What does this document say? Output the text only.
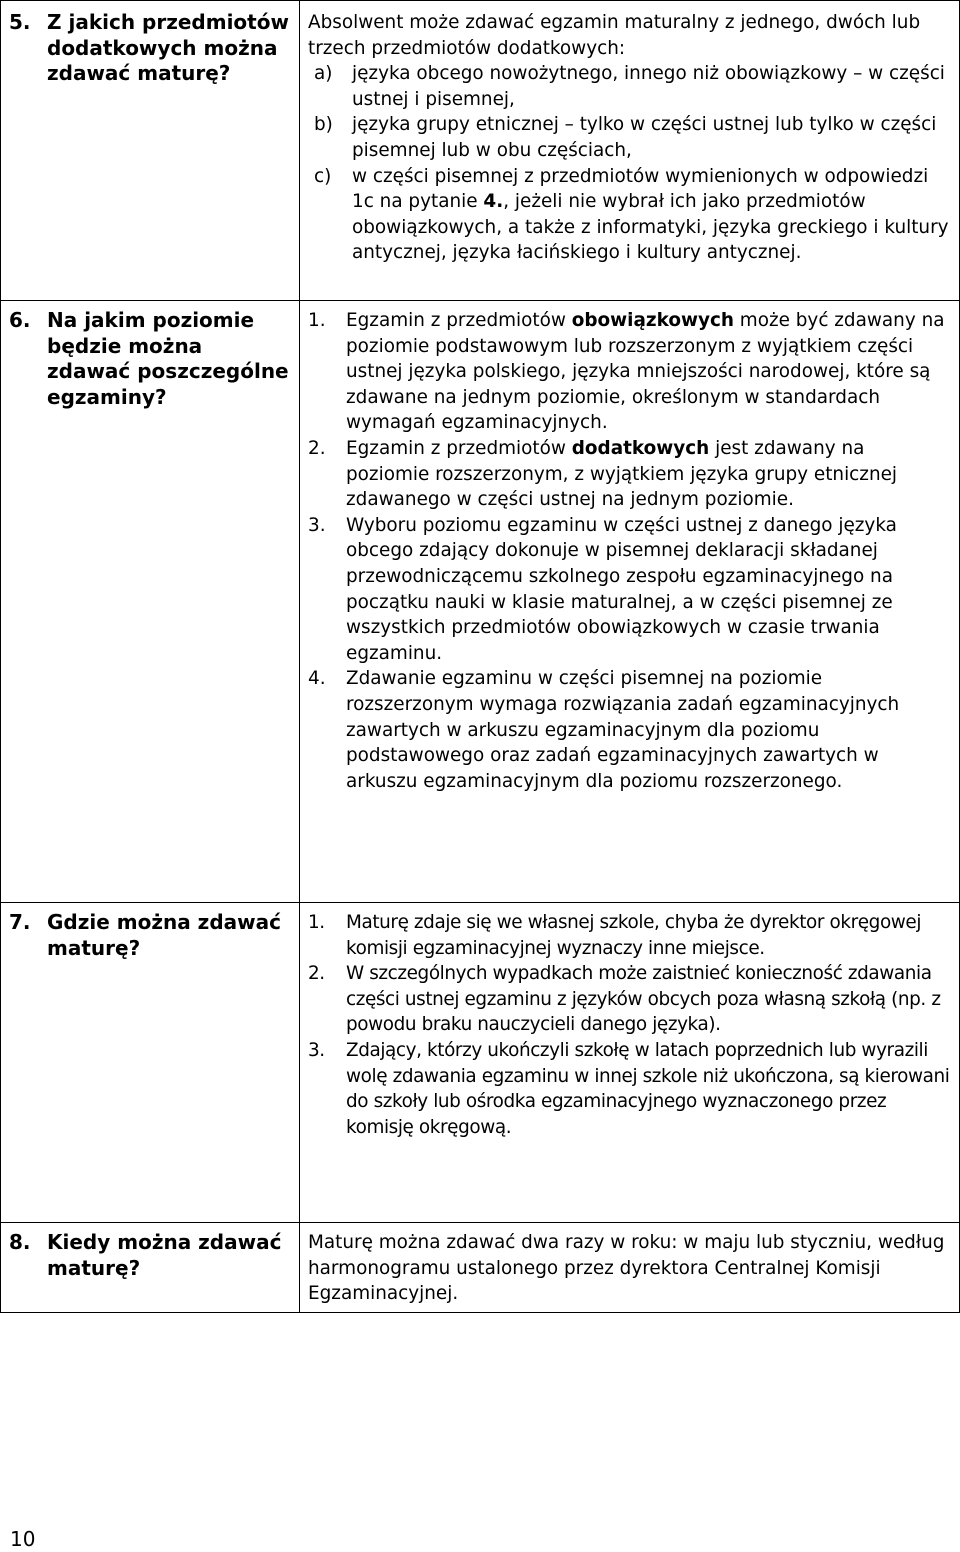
5. Z jakich przedmiotów dodatkowych można zdawać maturę?
Absolwent może zdawać egzamin maturalny z jednego, dwóch lub trzech przedmiotów dodatkowych:
a)	języka obcego nowożytnego, innego niż obowiązkowy – w części ustnej i pisemnej,
b)	języka grupy etnicznej – tylko w części ustnej lub tylko w części pisemnej lub w obu częściach,
c)	w części pisemnej z przedmiotów wymienionych w odpowiedzi 1c na pytanie 4., jeżeli nie wybrał ich jako przedmiotów obowiązkowych, a także z informatyki, języka greckiego i kultury antycznej, języka łacińskiego i kultury antycznej.
6. Na jakim poziomie będzie można zdawać poszczególne egzaminy?
1.	Egzamin z przedmiotów obowiązkowych może być zdawany na poziomie podstawowym lub rozszerzonym z wyjątkiem części ustnej języka polskiego, języka mniejszości narodowej, które są zdawane na jednym poziomie, określonym w standardach wymagań egzaminacyjnych.
2.	Egzamin z przedmiotów dodatkowych jest zdawany na poziomie rozszerzonym, z wyjątkiem języka grupy etnicznej zdawanego w części ustnej na jednym poziomie.
3.	Wyboru poziomu egzaminu w części ustnej z danego języka obcego zdający dokonuje w pisemnej deklaracji składanej przewodniczącemu szkolnego zespołu egzaminacyjnego na początku nauki w klasie maturalnej, a w części pisemnej ze wszystkich przedmiotów obowiązkowych w czasie trwania egzaminu.
4.	Zdawanie egzaminu w części pisemnej na poziomie rozszerzonym wymaga rozwiązania zadań egzaminacyjnych zawartych w arkuszu egzaminacyjnym dla poziomu podstawowego oraz zadań egzaminacyjnych zawartych w arkuszu egzaminacyjnym dla poziomu rozszerzonego.
7. Gdzie można zdawać maturę?
1.	Maturę zdaje się we własnej szkole, chyba że dyrektor okręgowej komisji egzaminacyjnej wyznaczy inne miejsce.
2.	W szczególnych wypadkach może zaistnieć konieczność zdawania części ustnej egzaminu z języków obcych poza własną szkołą (np. z powodu braku nauczycieli danego języka).
3.	Zdający, którzy ukończyli szkołę w latach poprzednich lub wyrazili wolę zdawania egzaminu w innej szkole niż ukończona, są kierowani do szkoły lub ośrodka egzaminacyjnego wyznaczonego przez komisję okręgową.
8. Kiedy można zdawać maturę?
Maturę można zdawać dwa razy w roku: w maju lub styczniu, według harmonogramu ustalonego przez dyrektora Centralnej Komisji Egzaminacyjnej.
10
